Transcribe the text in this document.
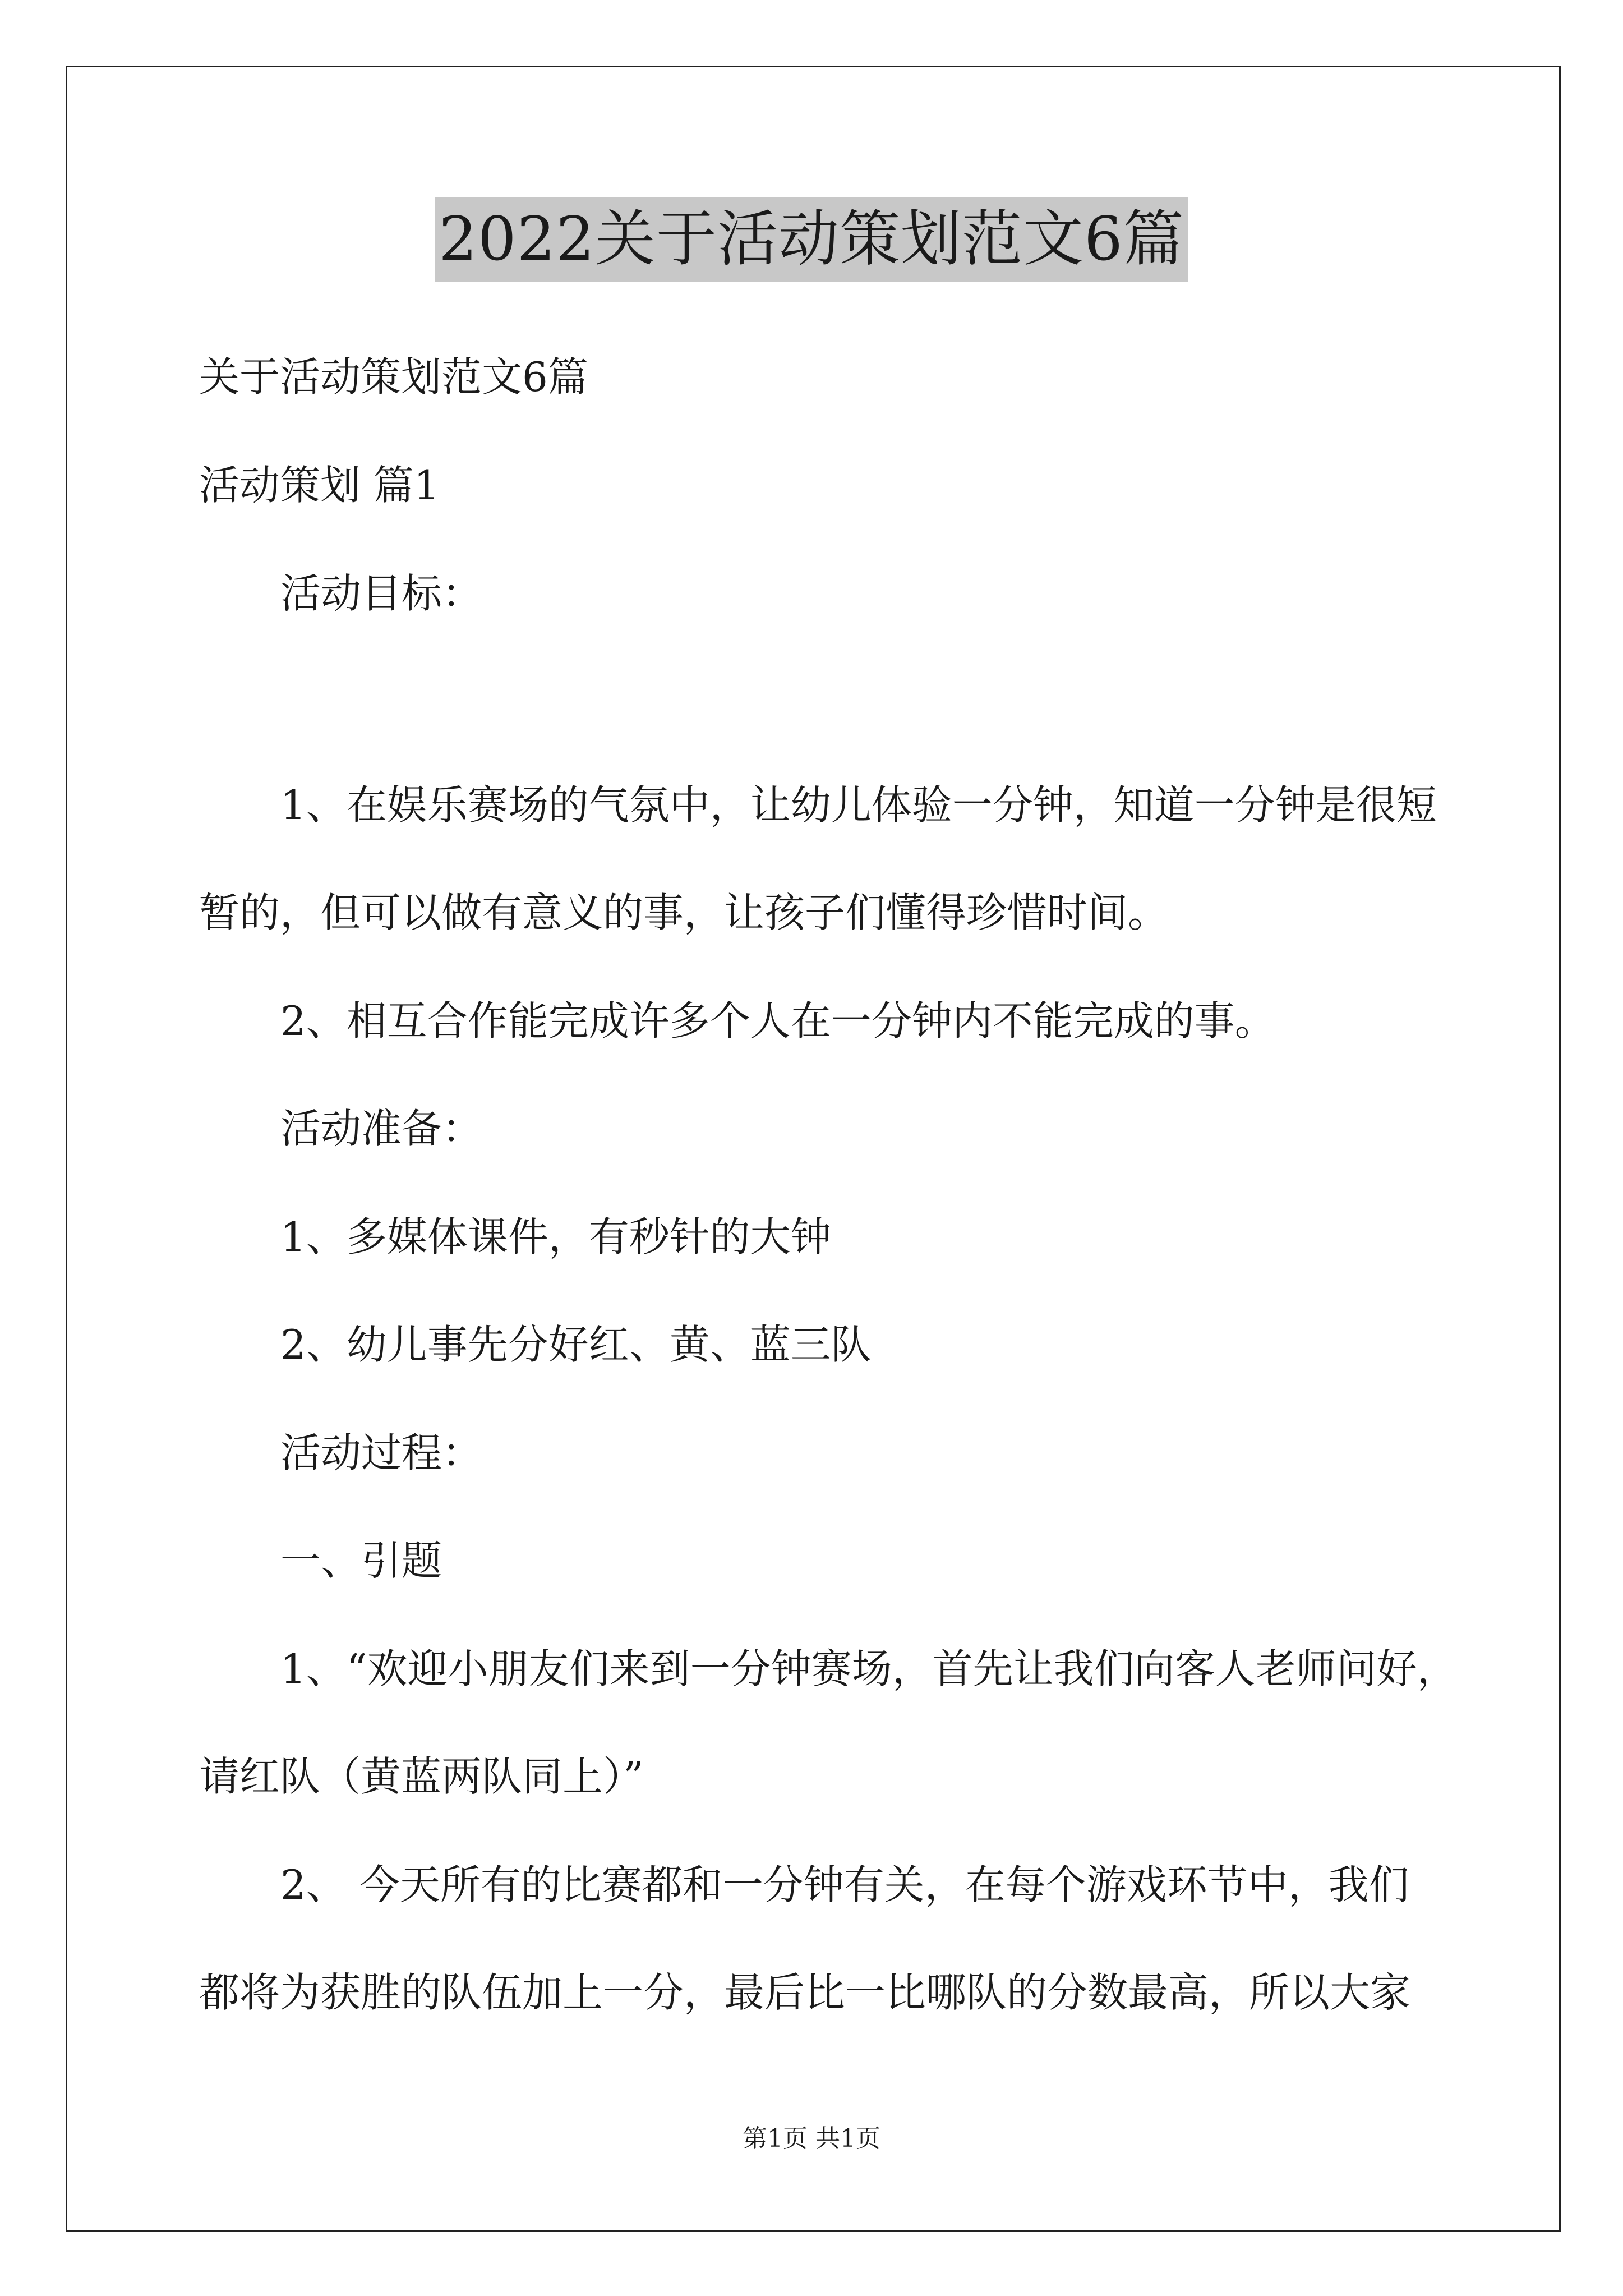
2022关于活动策划范文6篇
关于活动策划范文6篇
活动策划 篇1
活动目标：
1、在娱乐赛场的气氛中，让幼儿体验一分钟，知道一分钟是很短
暂的，但可以做有意义的事，让孩子们懂得珍惜时间。
2、相互合作能完成许多个人在一分钟内不能完成的事。
活动准备：
1、多媒体课件，有秒针的大钟
2、幼儿事先分好红、黄、蓝三队
活动过程：
一、引题
1、“欢迎小朋友们来到一分钟赛场，首先让我们向客人老师问好，
请红队（黄蓝两队同上）”
2、 今天所有的比赛都和一分钟有关，在每个游戏环节中，我们
都将为获胜的队伍加上一分，最后比一比哪队的分数最高，所以大家
第1页 共1页
